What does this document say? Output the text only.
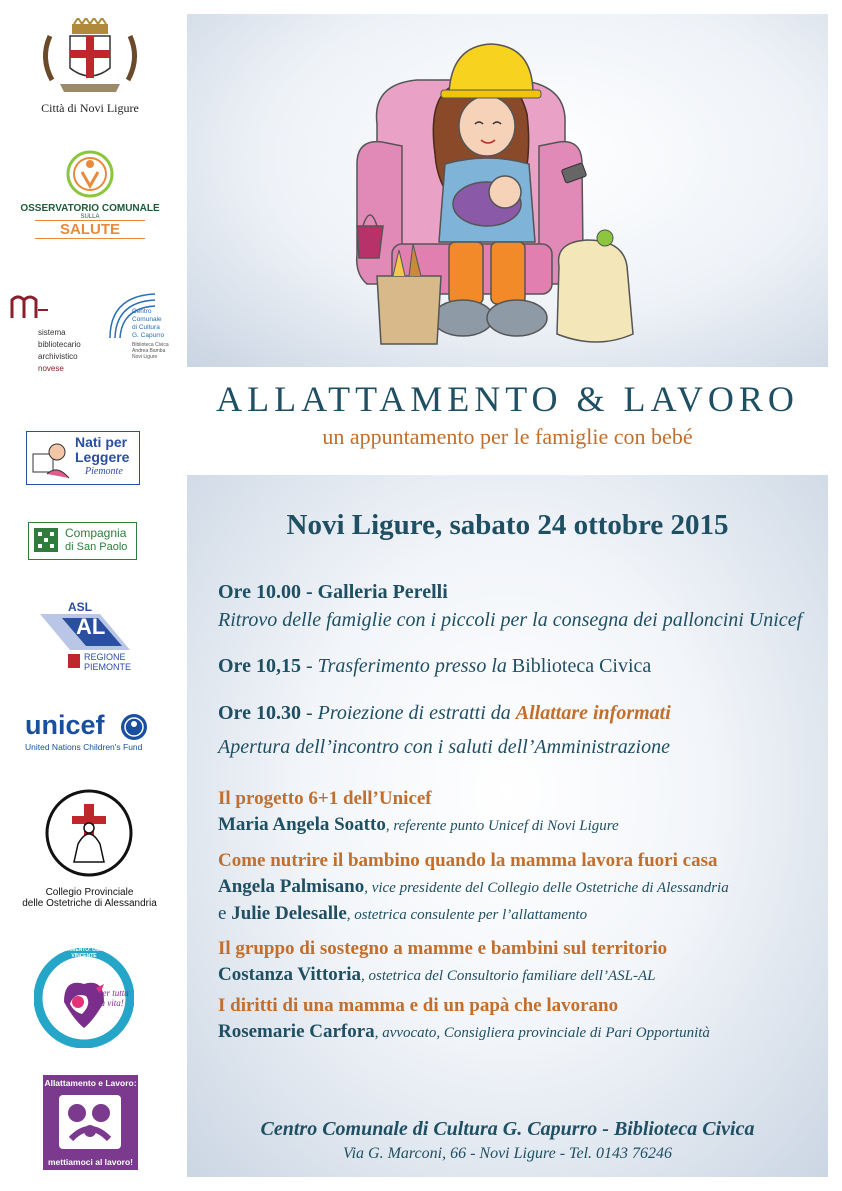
Città di Novi Ligure
OSSERVATORIO COMUNALE
SULLA
SALUTE
sistema
bibliotecario
archivistico
novese
Centro
Comunale
di Cultura
G. Capurro
Biblioteca Civica
Andrea Bamba
Novi Ligure
Nati per
Leggere
Piemonte
Compagnia
di San Paolo
ASL
AL
REGIONE
PIEMONTE
unicef
United Nations Children's Fund
Collegio Provinciale
delle Ostetriche di Alessandria
ALLATTAMENTO: OBIETTIVO VINCENTE
per tutta la vita!
Allattamento e Lavoro:
mettiamoci al lavoro!
ALLATTAMENTO & LAVORO
un appuntamento per le famiglie con bebé
Novi Ligure, sabato 24 ottobre 2015
Ore 10.00 - Galleria Perelli
Ritrovo delle famiglie con i piccoli per la consegna dei palloncini Unicef
Ore 10,15 - Trasferimento presso la Biblioteca Civica
Ore 10.30 - Proiezione di estratti da Allattare informati
Apertura dell’incontro con i saluti dell’Amministrazione
Il progetto 6+1 dell’Unicef
Maria Angela Soatto, referente punto Unicef di Novi Ligure
Come nutrire il bambino quando la mamma lavora fuori casa
Angela Palmisano, vice presidente del Collegio delle Ostetriche di Alessandria
e Julie Delesalle, ostetrica consulente per l’allattamento
Il gruppo di sostegno a mamme e bambini sul territorio
Costanza Vittoria, ostetrica del Consultorio familiare dell’ASL-AL
I diritti di una mamma e di un papà che lavorano
Rosemarie Carfora, avvocato, Consigliera provinciale di Pari Opportunità
Centro Comunale di Cultura G. Capurro - Biblioteca Civica
Via G. Marconi, 66 - Novi Ligure - Tel. 0143 76246
